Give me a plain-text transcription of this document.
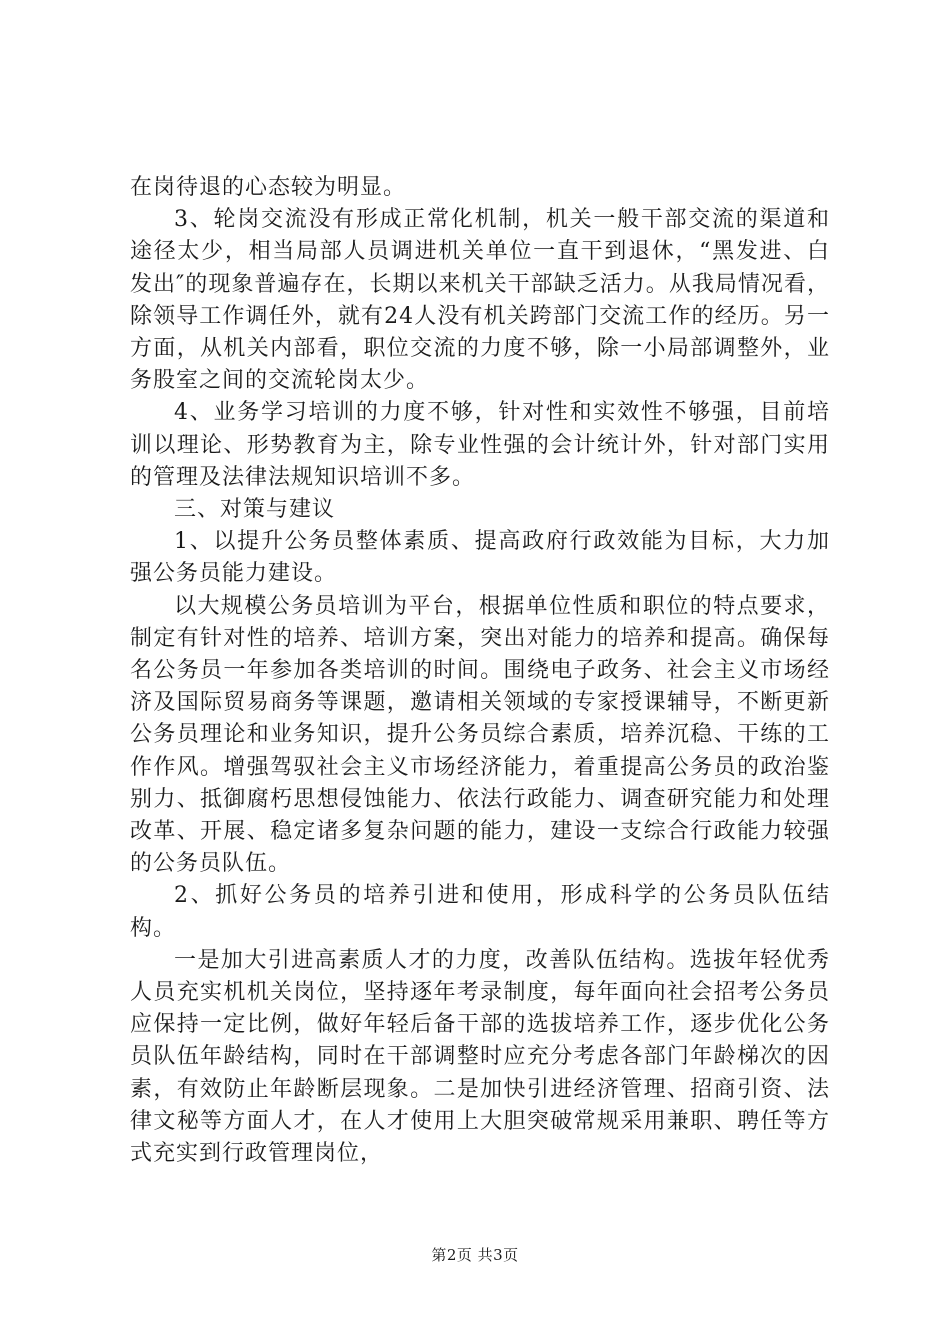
在岗待退的心态较为明显。

3、轮岗交流没有形成正常化机制，机关一般干部交流的渠道和途径太少，相当局部人员调进机关单位一直干到退休，“黑发进、白发出″的现象普遍存在，长期以来机关干部缺乏活力。从我局情况看，除领导工作调任外，就有24人没有机关跨部门交流工作的经历。另一方面，从机关内部看，职位交流的力度不够，除一小局部调整外，业务股室之间的交流轮岗太少。

4、业务学习培训的力度不够，针对性和实效性不够强，目前培训以理论、形势教育为主，除专业性强的会计统计外，针对部门实用的管理及法律法规知识培训不多。

三、对策与建议

1、以提升公务员整体素质、提高政府行政效能为目标，大力加强公务员能力建设。

以大规模公务员培训为平台，根据单位性质和职位的特点要求，制定有针对性的培养、培训方案，突出对能力的培养和提高。确保每名公务员一年参加各类培训的时间。围绕电子政务、社会主义市场经济及国际贸易商务等课题，邀请相关领域的专家授课辅导，不断更新公务员理论和业务知识，提升公务员综合素质，培养沉稳、干练的工作作风。增强驾驭社会主义市场经济能力，着重提高公务员的政治鉴别力、抵御腐朽思想侵蚀能力、依法行政能力、调查研究能力和处理改革、开展、稳定诸多复杂问题的能力，建设一支综合行政能力较强的公务员队伍。

2、抓好公务员的培养引进和使用，形成科学的公务员队伍结构。

一是加大引进高素质人才的力度，改善队伍结构。选拔年轻优秀人员充实机机关岗位，坚持逐年考录制度，每年面向社会招考公务员应保持一定比例，做好年轻后备干部的选拔培养工作，逐步优化公务员队伍年龄结构，同时在干部调整时应充分考虑各部门年龄梯次的因素，有效防止年龄断层现象。二是加快引进经济管理、招商引资、法律文秘等方面人才，在人才使用上大胆突破常规采用兼职、聘任等方式充实到行政管理岗位，

第2页 共3页
